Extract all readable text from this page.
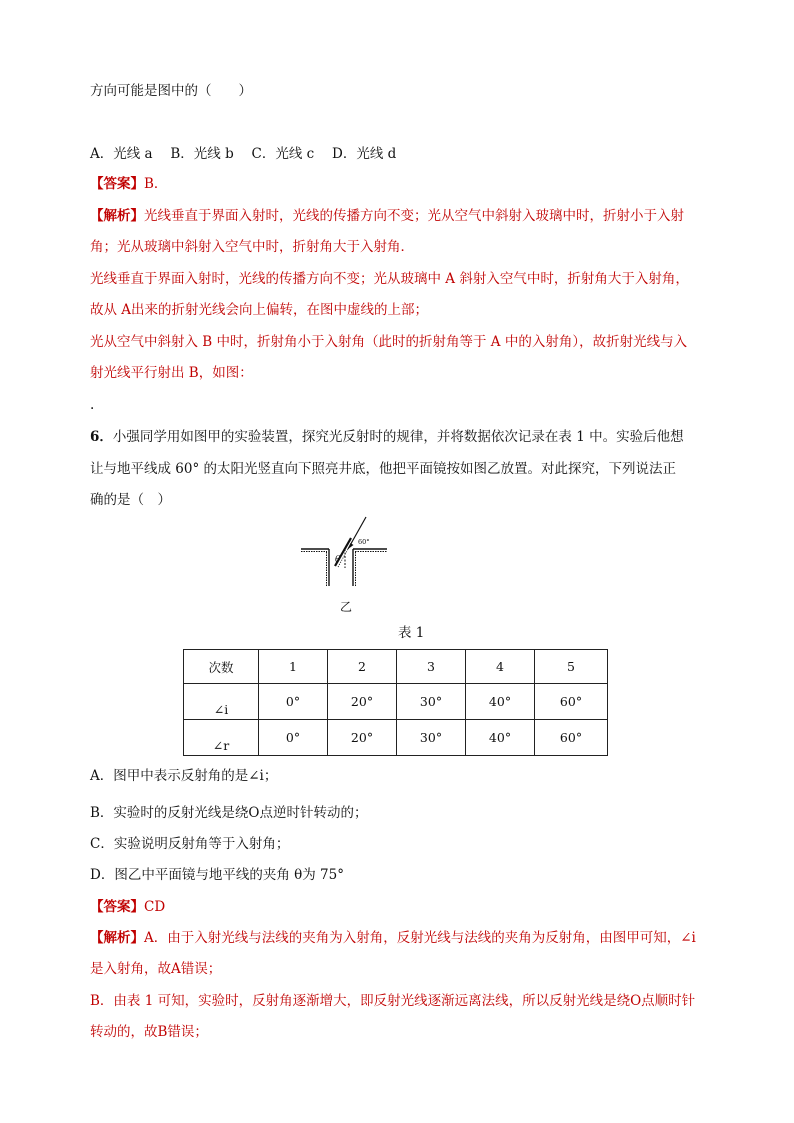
方向可能是图中的（　　）
A．光线 a　 B．光线 b　 C．光线 c　 D．光线 d
【答案】B．
【解析】光线垂直于界面入射时，光线的传播方向不变；光从空气中斜射入玻璃中时，折射小于入射
角；光从玻璃中斜射入空气中时，折射角大于入射角．
光线垂直于界面入射时，光线的传播方向不变；光从玻璃中 A 斜射入空气中时，折射角大于入射角，
故从 A出来的折射光线会向上偏转，在图中虚线的上部；
光从空气中斜射入 B 中时，折射角小于入射角（此时的折射角等于 A 中的入射角），故折射光线与入
射光线平行射出 B，如图：
.
6．小强同学用如图甲的实验装置，探究光反射时的规律，并将数据依次记录在表 1 中。实验后他想
让与地平线成 60° 的太阳光竖直向下照亮井底，他把平面镜按如图乙放置。对此探究，下列说法正
确的是（　）
60°
θ
乙
表 1
次数	1	2	3	4	5
∠i	0°	20°	30°	40°	60°
∠r	0°	20°	30°	40°	60°
A．图甲中表示反射角的是∠i；
B．实验时的反射光线是绕O点逆时针转动的；
C．实验说明反射角等于入射角；
D．图乙中平面镜与地平线的夹角 θ为 75°
【答案】CD
【解析】A．由于入射光线与法线的夹角为入射角，反射光线与法线的夹角为反射角，由图甲可知，∠i
是入射角，故A错误；
B．由表 1 可知，实验时，反射角逐渐增大，即反射光线逐渐远离法线，所以反射光线是绕O点顺时针
转动的，故B错误；
